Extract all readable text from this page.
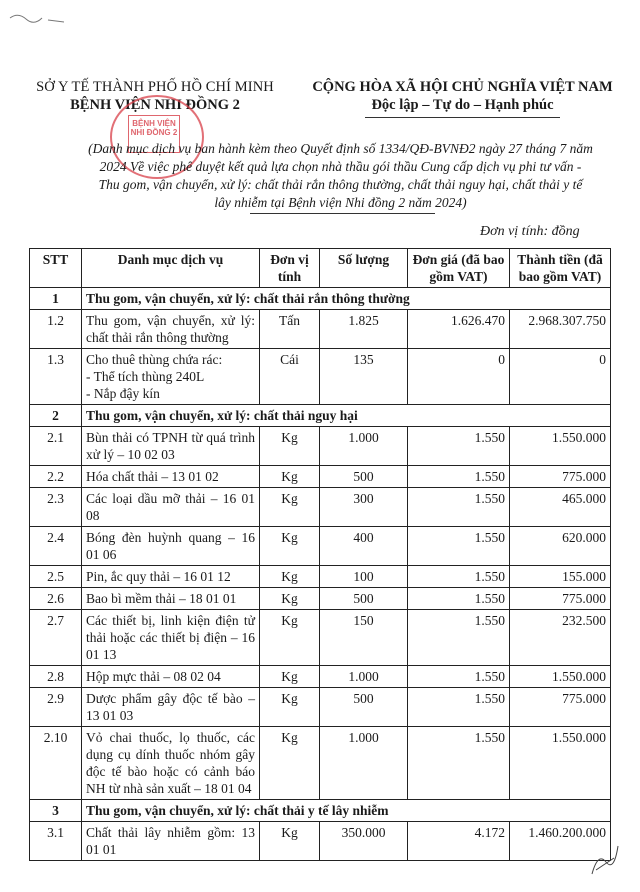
SỞ Y TẾ THÀNH PHỐ HỒ CHÍ MINH
BỆNH VIỆN NHI ĐỒNG 2
BỆNH VIỆN NHI ĐỒNG 2
CỘNG HÒA XÃ HỘI CHỦ NGHĨA VIỆT NAM
Độc lập – Tự do – Hạnh phúc
(Danh mục dịch vụ ban hành kèm theo Quyết định số 1334/QĐ-BVNĐ2 ngày 27 tháng 7 năm
2024 Về việc phê duyệt kết quả lựa chọn nhà thầu gói thầu Cung cấp dịch vụ phi tư vấn -
Thu gom, vận chuyển, xử lý: chất thải rắn thông thường, chất thải nguy hại, chất thải y tế
lây nhiễm tại Bệnh viện Nhi đồng 2 năm 2024)
Đơn vị tính: đồng
STT	Danh mục dịch vụ	Đơn vị tính	Số lượng	Đơn giá (đã bao gồm VAT)	Thành tiền (đã bao gồm VAT)
1	Thu gom, vận chuyển, xử lý: chất thải rắn thông thường				
1.2	Thu gom, vận chuyển, xử lý: chất thải rắn thông thường	Tấn	1.825	1.626.470	2.968.307.750
1.3	Cho thuê thùng chứa rác:
- Thể tích thùng 240L
- Nắp đậy kín	Cái	135	0	0
2	Thu gom, vận chuyển, xử lý: chất thải nguy hại				
2.1	Bùn thải có TPNH từ quá trình xử lý – 10 02 03	Kg	1.000	1.550	1.550.000
2.2	Hóa chất thải – 13 01 02	Kg	500	1.550	775.000
2.3	Các loại dầu mỡ thải – 16 01 08	Kg	300	1.550	465.000
2.4	Bóng đèn huỳnh quang – 16 01 06	Kg	400	1.550	620.000
2.5	Pin, ắc quy thải – 16 01 12	Kg	100	1.550	155.000
2.6	Bao bì mềm thải – 18 01 01	Kg	500	1.550	775.000
2.7	Các thiết bị, linh kiện điện tử thải hoặc các thiết bị điện – 16 01 13	Kg	150	1.550	232.500
2.8	Hộp mực thải – 08 02 04	Kg	1.000	1.550	1.550.000
2.9	Dược phẩm gây độc tế bào – 13 01 03	Kg	500	1.550	775.000
2.10	Vỏ chai thuốc, lọ thuốc, các dụng cụ dính thuốc nhóm gây độc tế bào hoặc có cảnh báo NH từ nhà sản xuất – 18 01 04	Kg	1.000	1.550	1.550.000
3	Thu gom, vận chuyển, xử lý: chất thải y tế lây nhiễm				
3.1	Chất thải lây nhiễm gồm: 13 01 01	Kg	350.000	4.172	1.460.200.000
